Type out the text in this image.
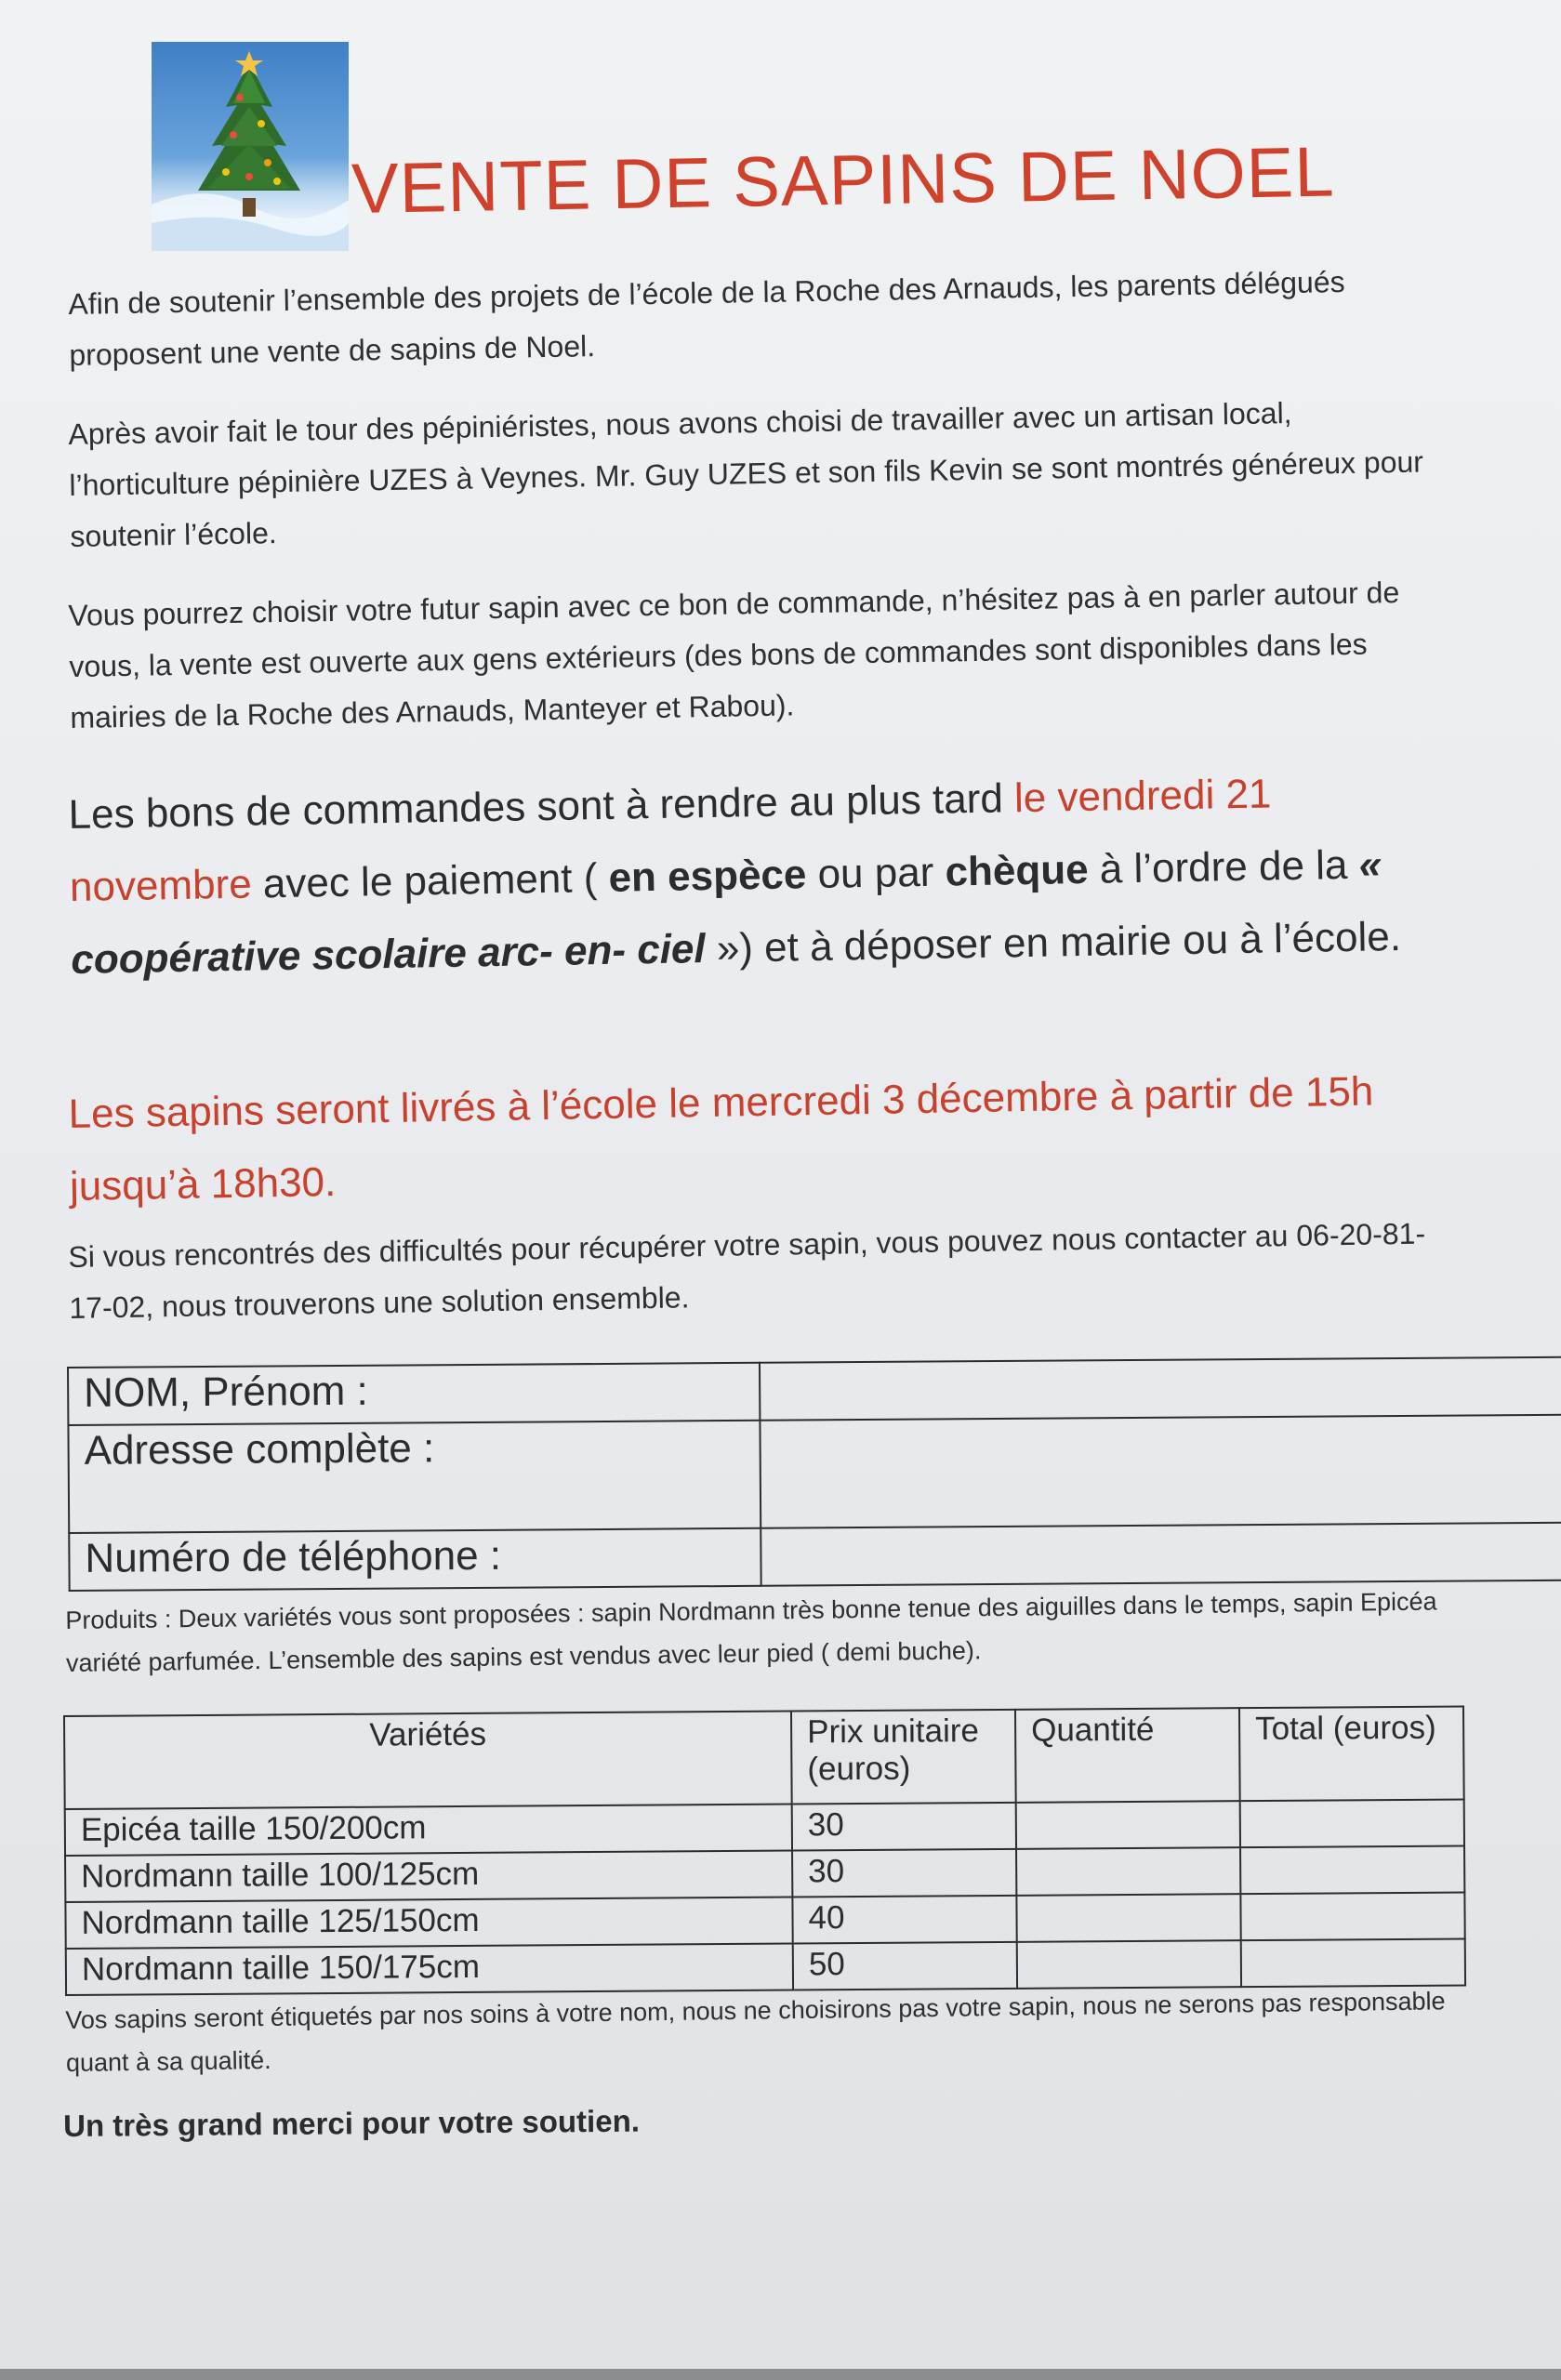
VENTE DE SAPINS DE NOEL
Afin de soutenir l’ensemble des projets de l’école de la Roche des Arnauds, les parents délégués proposent une vente de sapins de Noel.
Après avoir fait le tour des pépiniéristes, nous avons choisi de travailler avec un artisan local, l’horticulture pépinière UZES à Veynes. Mr. Guy UZES et son fils Kevin se sont montrés généreux pour soutenir l’école.
Vous pourrez choisir votre futur sapin avec ce bon de commande, n’hésitez pas à en parler autour de vous, la vente est ouverte aux gens extérieurs (des bons de commandes sont disponibles dans les mairies de la Roche des Arnauds, Manteyer et Rabou).
Les bons de commandes sont à rendre au plus tard le vendredi 21 novembre avec le paiement ( en espèce ou par chèque à l’ordre de la « coopérative scolaire arc- en- ciel ») et à déposer en mairie ou à l’école.
Les sapins seront livrés à l’école le mercredi 3 décembre à partir de 15h jusqu’à 18h30.
Si vous rencontrés des difficultés pour récupérer votre sapin, vous pouvez nous contacter au 06-20-81-17-02, nous trouverons une solution ensemble.
NOM, Prénom :	
Adresse complète :	
Numéro de téléphone :	
Produits : Deux variétés vous sont proposées : sapin Nordmann très bonne tenue des aiguilles dans le temps, sapin Epicéa variété parfumée. L’ensemble des sapins est vendus avec leur pied ( demi buche).
Variétés	Prix unitaire (euros)	Quantité	Total (euros)
Epicéa taille 150/200cm	30		
Nordmann taille 100/125cm	30		
Nordmann taille 125/150cm	40		
Nordmann taille 150/175cm	50		
Vos sapins seront étiquetés par nos soins à votre nom, nous ne choisirons pas votre sapin, nous ne serons pas responsable quant à sa qualité.
Un très grand merci pour votre soutien.
